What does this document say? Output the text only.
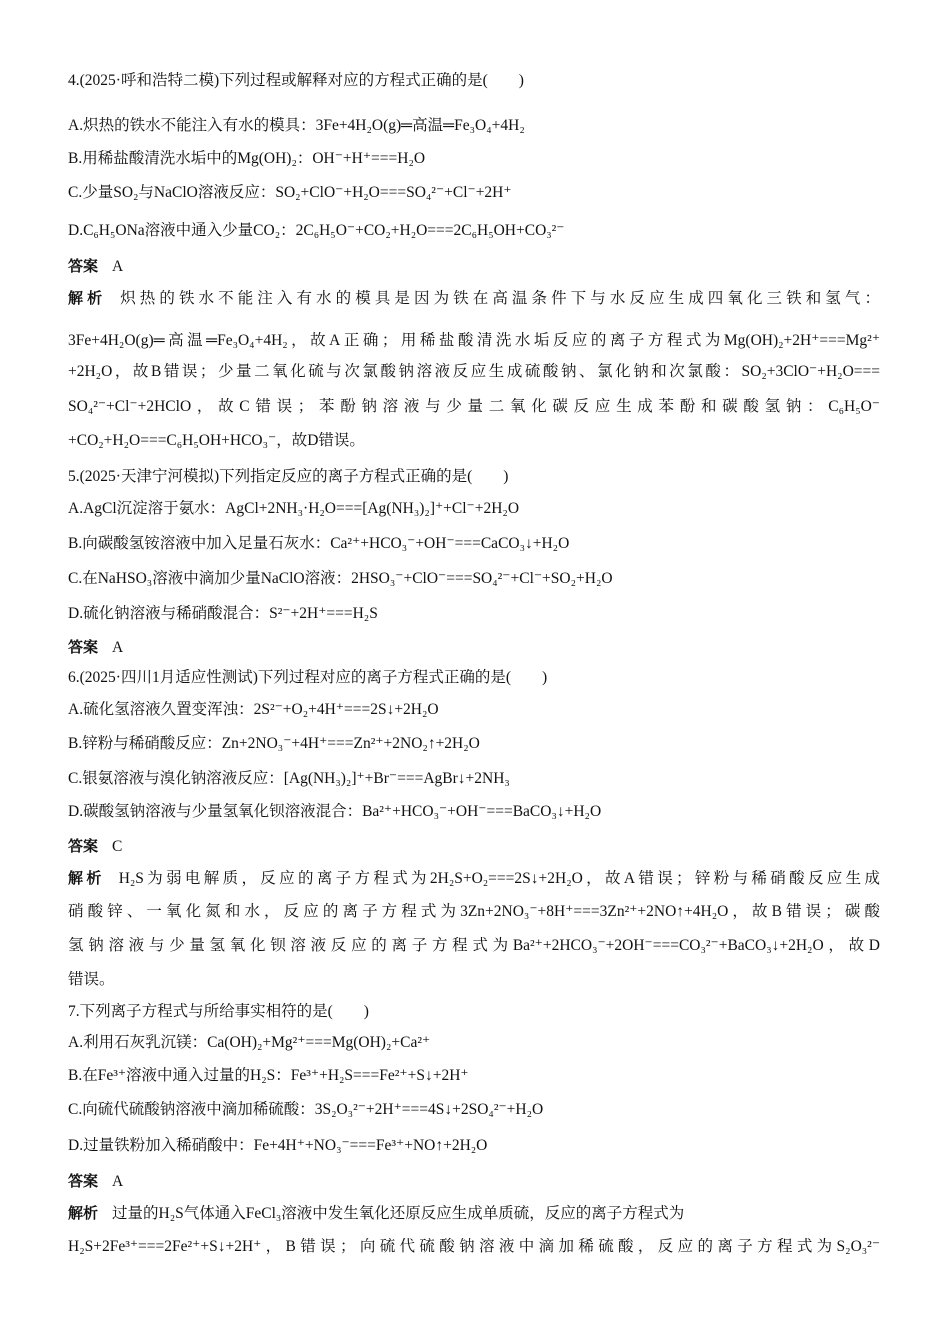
4.(2025·呼和浩特二模)下列过程或解释对应的方程式正确的是(　　)
A.炽热的铁水不能注入有水的模具：3Fe+4H₂O(g)═高温═Fe₃O₄+4H₂
B.用稀盐酸清洗水垢中的Mg(OH)₂：OH⁻+H⁺===H₂O
C.少量SO₂与NaClO溶液反应：SO₂+ClO⁻+H₂O===SO₄²⁻+Cl⁻+2H⁺
D.C₆H₅ONa溶液中通入少量CO₂：2C₆H₅O⁻+CO₂+H₂O===2C₆H₅OH+CO₃²⁻
答案 A
解析 炽热的铁水不能注入有水的模具是因为铁在高温条件下与水反应生成四氧化三铁和氢气：
3Fe+4H₂O(g)═高温═Fe₃O₄+4H₂，故A正确；用稀盐酸清洗水垢反应的离子方程式为Mg(OH)₂+2H⁺===Mg²⁺
+2H₂O，故B错误；少量二氧化硫与次氯酸钠溶液反应生成硫酸钠、氯化钠和次氯酸：SO₂+3ClO⁻+H₂O===
SO₄²⁻+Cl⁻+2HClO，故C错误；苯酚钠溶液与少量二氧化碳反应生成苯酚和碳酸氢钠：C₆H₅O⁻
+CO₂+H₂O===C₆H₅OH+HCO₃⁻，故D错误。
5.(2025·天津宁河模拟)下列指定反应的离子方程式正确的是(　　)
A.AgCl沉淀溶于氨水：AgCl+2NH₃·H₂O===[Ag(NH₃)₂]⁺+Cl⁻+2H₂O
B.向碳酸氢铵溶液中加入足量石灰水：Ca²⁺+HCO₃⁻+OH⁻===CaCO₃↓+H₂O
C.在NaHSO₃溶液中滴加少量NaClO溶液：2HSO₃⁻+ClO⁻===SO₄²⁻+Cl⁻+SO₂+H₂O
D.硫化钠溶液与稀硝酸混合：S²⁻+2H⁺===H₂S
答案 A
6.(2025·四川1月适应性测试)下列过程对应的离子方程式正确的是(　　)
A.硫化氢溶液久置变浑浊：2S²⁻+O₂+4H⁺===2S↓+2H₂O
B.锌粉与稀硝酸反应：Zn+2NO₃⁻+4H⁺===Zn²⁺+2NO₂↑+2H₂O
C.银氨溶液与溴化钠溶液反应：[Ag(NH₃)₂]⁺+Br⁻===AgBr↓+2NH₃
D.碳酸氢钠溶液与少量氢氧化钡溶液混合：Ba²⁺+HCO₃⁻+OH⁻===BaCO₃↓+H₂O
答案 C
解析 H₂S为弱电解质，反应的离子方程式为2H₂S+O₂===2S↓+2H₂O，故A错误；锌粉与稀硝酸反应生成
硝酸锌、一氧化氮和水，反应的离子方程式为3Zn+2NO₃⁻+8H⁺===3Zn²⁺+2NO↑+4H₂O，故B错误；碳酸
氢钠溶液与少量氢氧化钡溶液反应的离子方程式为Ba²⁺+2HCO₃⁻+2OH⁻===CO₃²⁻+BaCO₃↓+2H₂O，故D
错误。
7.下列离子方程式与所给事实相符的是(　　)
A.利用石灰乳沉镁：Ca(OH)₂+Mg²⁺===Mg(OH)₂+Ca²⁺
B.在Fe³⁺溶液中通入过量的H₂S：Fe³⁺+H₂S===Fe²⁺+S↓+2H⁺
C.向硫代硫酸钠溶液中滴加稀硫酸：3S₂O₃²⁻+2H⁺===4S↓+2SO₄²⁻+H₂O
D.过量铁粉加入稀硝酸中：Fe+4H⁺+NO₃⁻===Fe³⁺+NO↑+2H₂O
答案 A
解析 过量的H₂S气体通入FeCl₃溶液中发生氧化还原反应生成单质硫，反应的离子方程式为
H₂S+2Fe³⁺===2Fe²⁺+S↓+2H⁺，B错误；向硫代硫酸钠溶液中滴加稀硫酸，反应的离子方程式为S₂O₃²⁻
